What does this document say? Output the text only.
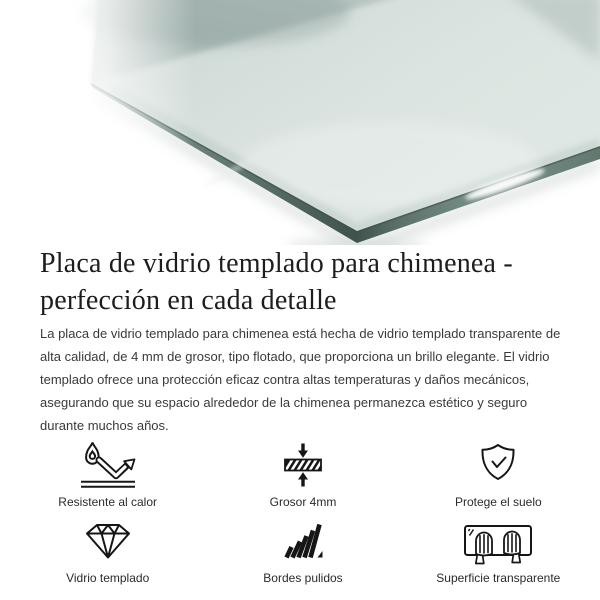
Placa de vidrio templado para chimenea -
perfección en cada detalle

La placa de vidrio templado para chimenea está hecha de vidrio templado transparente de alta calidad, de 4 mm de grosor, tipo flotado, que proporciona un brillo elegante. El vidrio templado ofrece una protección eficaz contra altas temperaturas y daños mecánicos, asegurando que su espacio alrededor de la chimenea permanezca estético y seguro durante muchos años.

Resistente al calor	Grosor 4mm	Protege el suelo
Vidrio templado	Bordes pulidos	Superficie transparente
